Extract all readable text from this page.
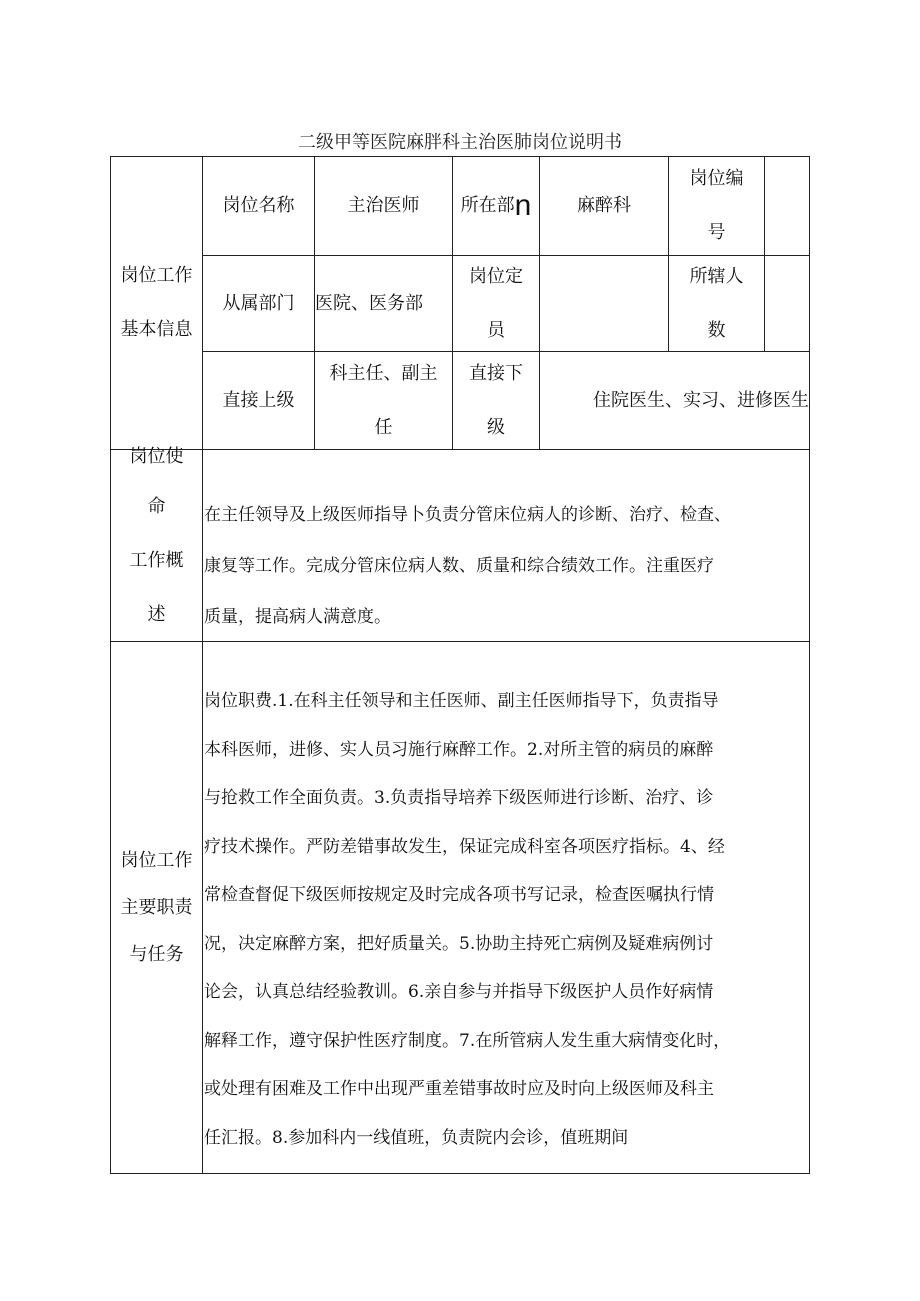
二级甲等医院麻胖科主治医肺岗位说明书
岗位工作
基本信息
岗位名称	主治医师 所在部 n	麻醉科
岗位编
号
从属部门 医院、医务部
岗位定
员
所辖人
数
直接上级
科主任、副主
任
直接下
级
住院医生、实习、进修医生
岗位使
命
工作概
述
在主任领导及上级医师指导卜负责分管床位病人的诊断、治疗、检查、
康复等工作。完成分管床位病人数、质量和综合绩效工作。注重医疗
质量，提高病人满意度。
岗位工作
主要职责
与任务
岗位职费.1.在科主任领导和主任医师、副主任医师指导下，负责指导
本科医师，进修、实人员习施行麻醉工作。2.对所主管的病员的麻醉
与抢救工作全面负责。3.负责指导培养下级医师进行诊断、治疗、诊
疗技术操作。严防差错事故发生，保证完成科室各项医疗指标。4、经
常检查督促下级医师按规定及时完成各项书写记录，检查医嘱执行情
况，决定麻醉方案，把好质量关。5.协助主持死亡病例及疑难病例讨
论会，认真总结经验教训。6.亲自参与并指导下级医护人员作好病情
解释工作，遵守保护性医疗制度。7.在所管病人发生重大病情变化时，
或处理有困难及工作中出现严重差错事故时应及时向上级医师及科主
任汇报。8.参加科内一线值班，负责院内会诊，值班期间
